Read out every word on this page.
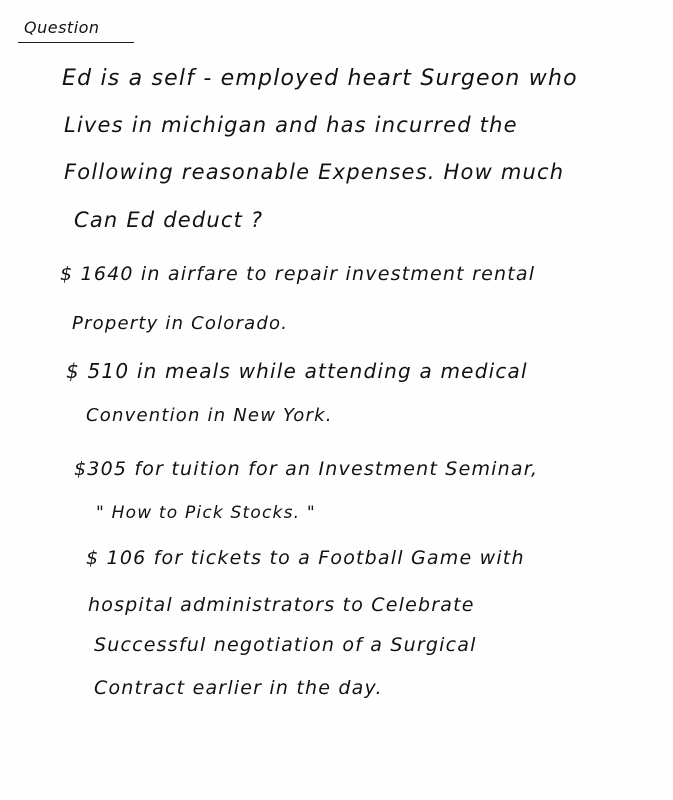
Question
Ed is a self - employed heart Surgeon who
Lives in michigan and has incurred the
Following reasonable Expenses. How much
Can Ed deduct ?
$ 1640 in airfare to repair investment rental
Property in Colorado.
$ 510 in meals while attending a medical
Convention in New York.
$305 for tuition for an Investment Seminar,
" How to Pick Stocks. "
$ 106 for tickets to a Football Game with
hospital administrators to Celebrate
Successful negotiation of a Surgical
Contract earlier in the day.
